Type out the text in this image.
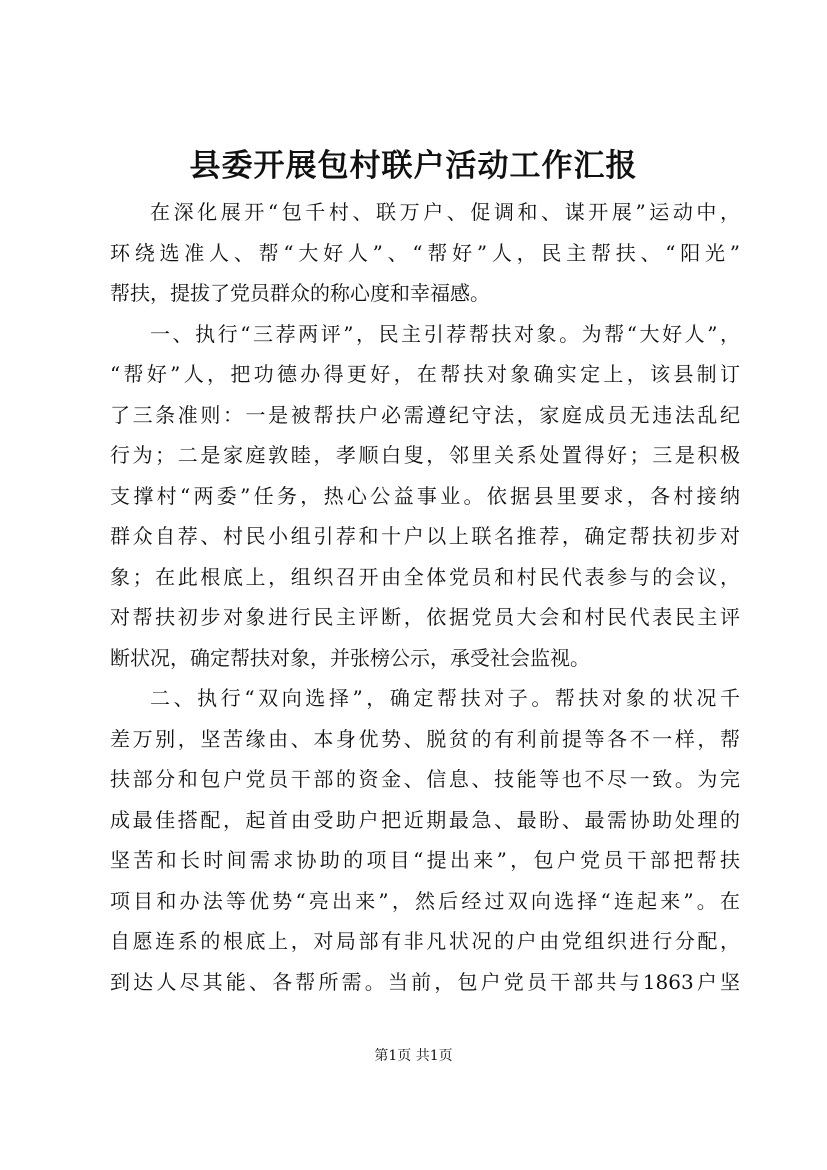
县委开展包村联户活动工作汇报
在深化展开“包千村、联万户、促调和、谋开展”运动中，
环绕选准人、帮“大好人”、“帮好”人，民主帮扶、“阳光”
帮扶，提拔了党员群众的称心度和幸福感。
一、执行“三荐两评”，民主引荐帮扶对象。为帮“大好人”，
“帮好”人，把功德办得更好，在帮扶对象确实定上，该县制订
了三条准则：一是被帮扶户必需遵纪守法，家庭成员无违法乱纪
行为；二是家庭敦睦，孝顺白叟，邻里关系处置得好；三是积极
支撑村“两委”任务，热心公益事业。依据县里要求，各村接纳
群众自荐、村民小组引荐和十户以上联名推荐，确定帮扶初步对
象；在此根底上，组织召开由全体党员和村民代表参与的会议，
对帮扶初步对象进行民主评断，依据党员大会和村民代表民主评
断状况，确定帮扶对象，并张榜公示，承受社会监视。
二、执行“双向选择”，确定帮扶对子。帮扶对象的状况千
差万别，坚苦缘由、本身优势、脱贫的有利前提等各不一样，帮
扶部分和包户党员干部的资金、信息、技能等也不尽一致。为完
成最佳搭配，起首由受助户把近期最急、最盼、最需协助处理的
坚苦和长时间需求协助的项目“提出来”，包户党员干部把帮扶
项目和办法等优势“亮出来”，然后经过双向选择“连起来”。在
自愿连系的根底上，对局部有非凡状况的户由党组织进行分配，
到达人尽其能、各帮所需。当前，包户党员干部共与1863户坚
第1页 共1页
